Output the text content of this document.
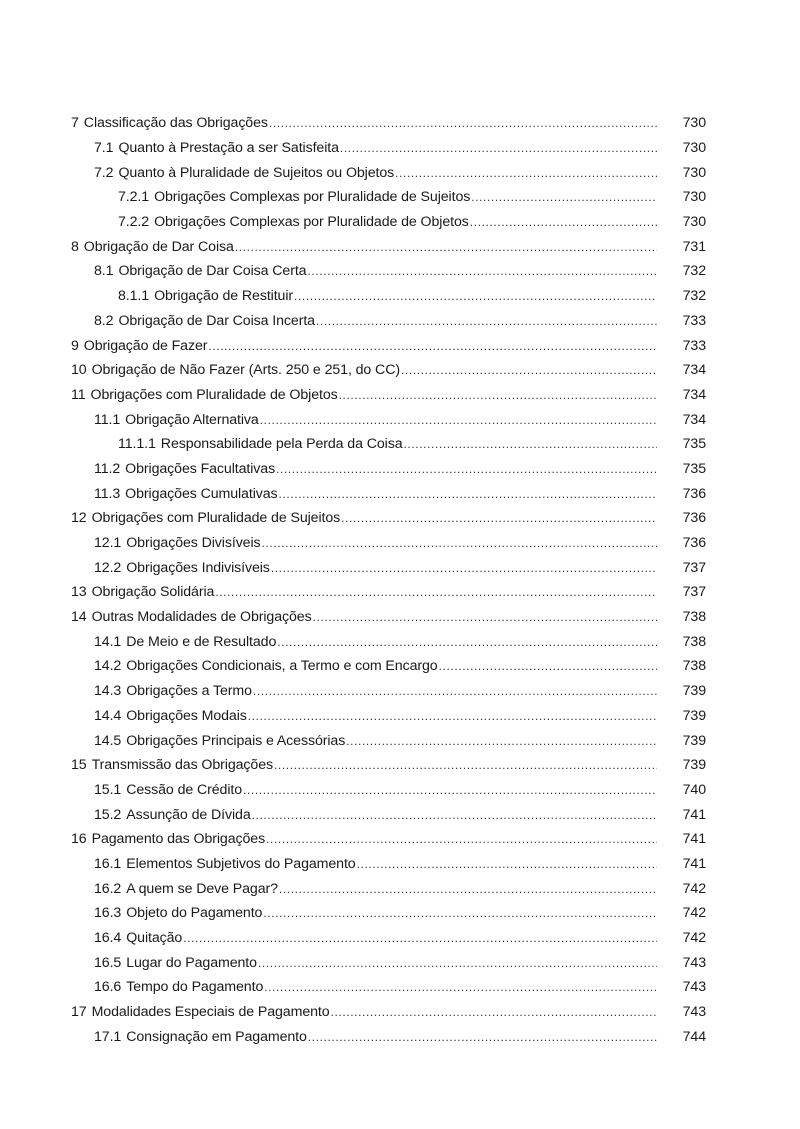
7 Classificação das Obrigações .....	730
7.1 Quanto à Prestação a ser Satisfeita .....	730
7.2 Quanto à Pluralidade de Sujeitos ou Objetos .....	730
7.2.1 Obrigações Complexas por Pluralidade de Sujeitos .....	730
7.2.2 Obrigações Complexas por Pluralidade de Objetos .....	730
8 Obrigação de Dar Coisa .....	731
8.1 Obrigação de Dar Coisa Certa .....	732
8.1.1 Obrigação de Restituir .....	732
8.2 Obrigação de Dar Coisa Incerta .....	733
9 Obrigação de Fazer .....	733
10 Obrigação de Não Fazer (Arts. 250 e 251, do CC) .....	734
11 Obrigações com Pluralidade de Objetos .....	734
11.1 Obrigação Alternativa .....	734
11.1.1 Responsabilidade pela Perda da Coisa .....	735
11.2 Obrigações Facultativas .....	735
11.3 Obrigações Cumulativas .....	736
12 Obrigações com Pluralidade de Sujeitos .....	736
12.1 Obrigações Divisíveis .....	736
12.2 Obrigações Indivisíveis .....	737
13 Obrigação Solidária .....	737
14 Outras Modalidades de Obrigações .....	738
14.1 De Meio e de Resultado .....	738
14.2 Obrigações Condicionais, a Termo e com Encargo .....	738
14.3 Obrigações a Termo .....	739
14.4 Obrigações Modais .....	739
14.5 Obrigações Principais e Acessórias .....	739
15 Transmissão das Obrigações .....	739
15.1 Cessão de Crédito .....	740
15.2 Assunção de Dívida .....	741
16 Pagamento das Obrigações .....	741
16.1 Elementos Subjetivos do Pagamento .....	741
16.2 A quem se Deve Pagar? .....	742
16.3 Objeto do Pagamento .....	742
16.4 Quitação .....	742
16.5 Lugar do Pagamento .....	743
16.6 Tempo do Pagamento .....	743
17 Modalidades Especiais de Pagamento .....	743
17.1 Consignação em Pagamento .....	744
